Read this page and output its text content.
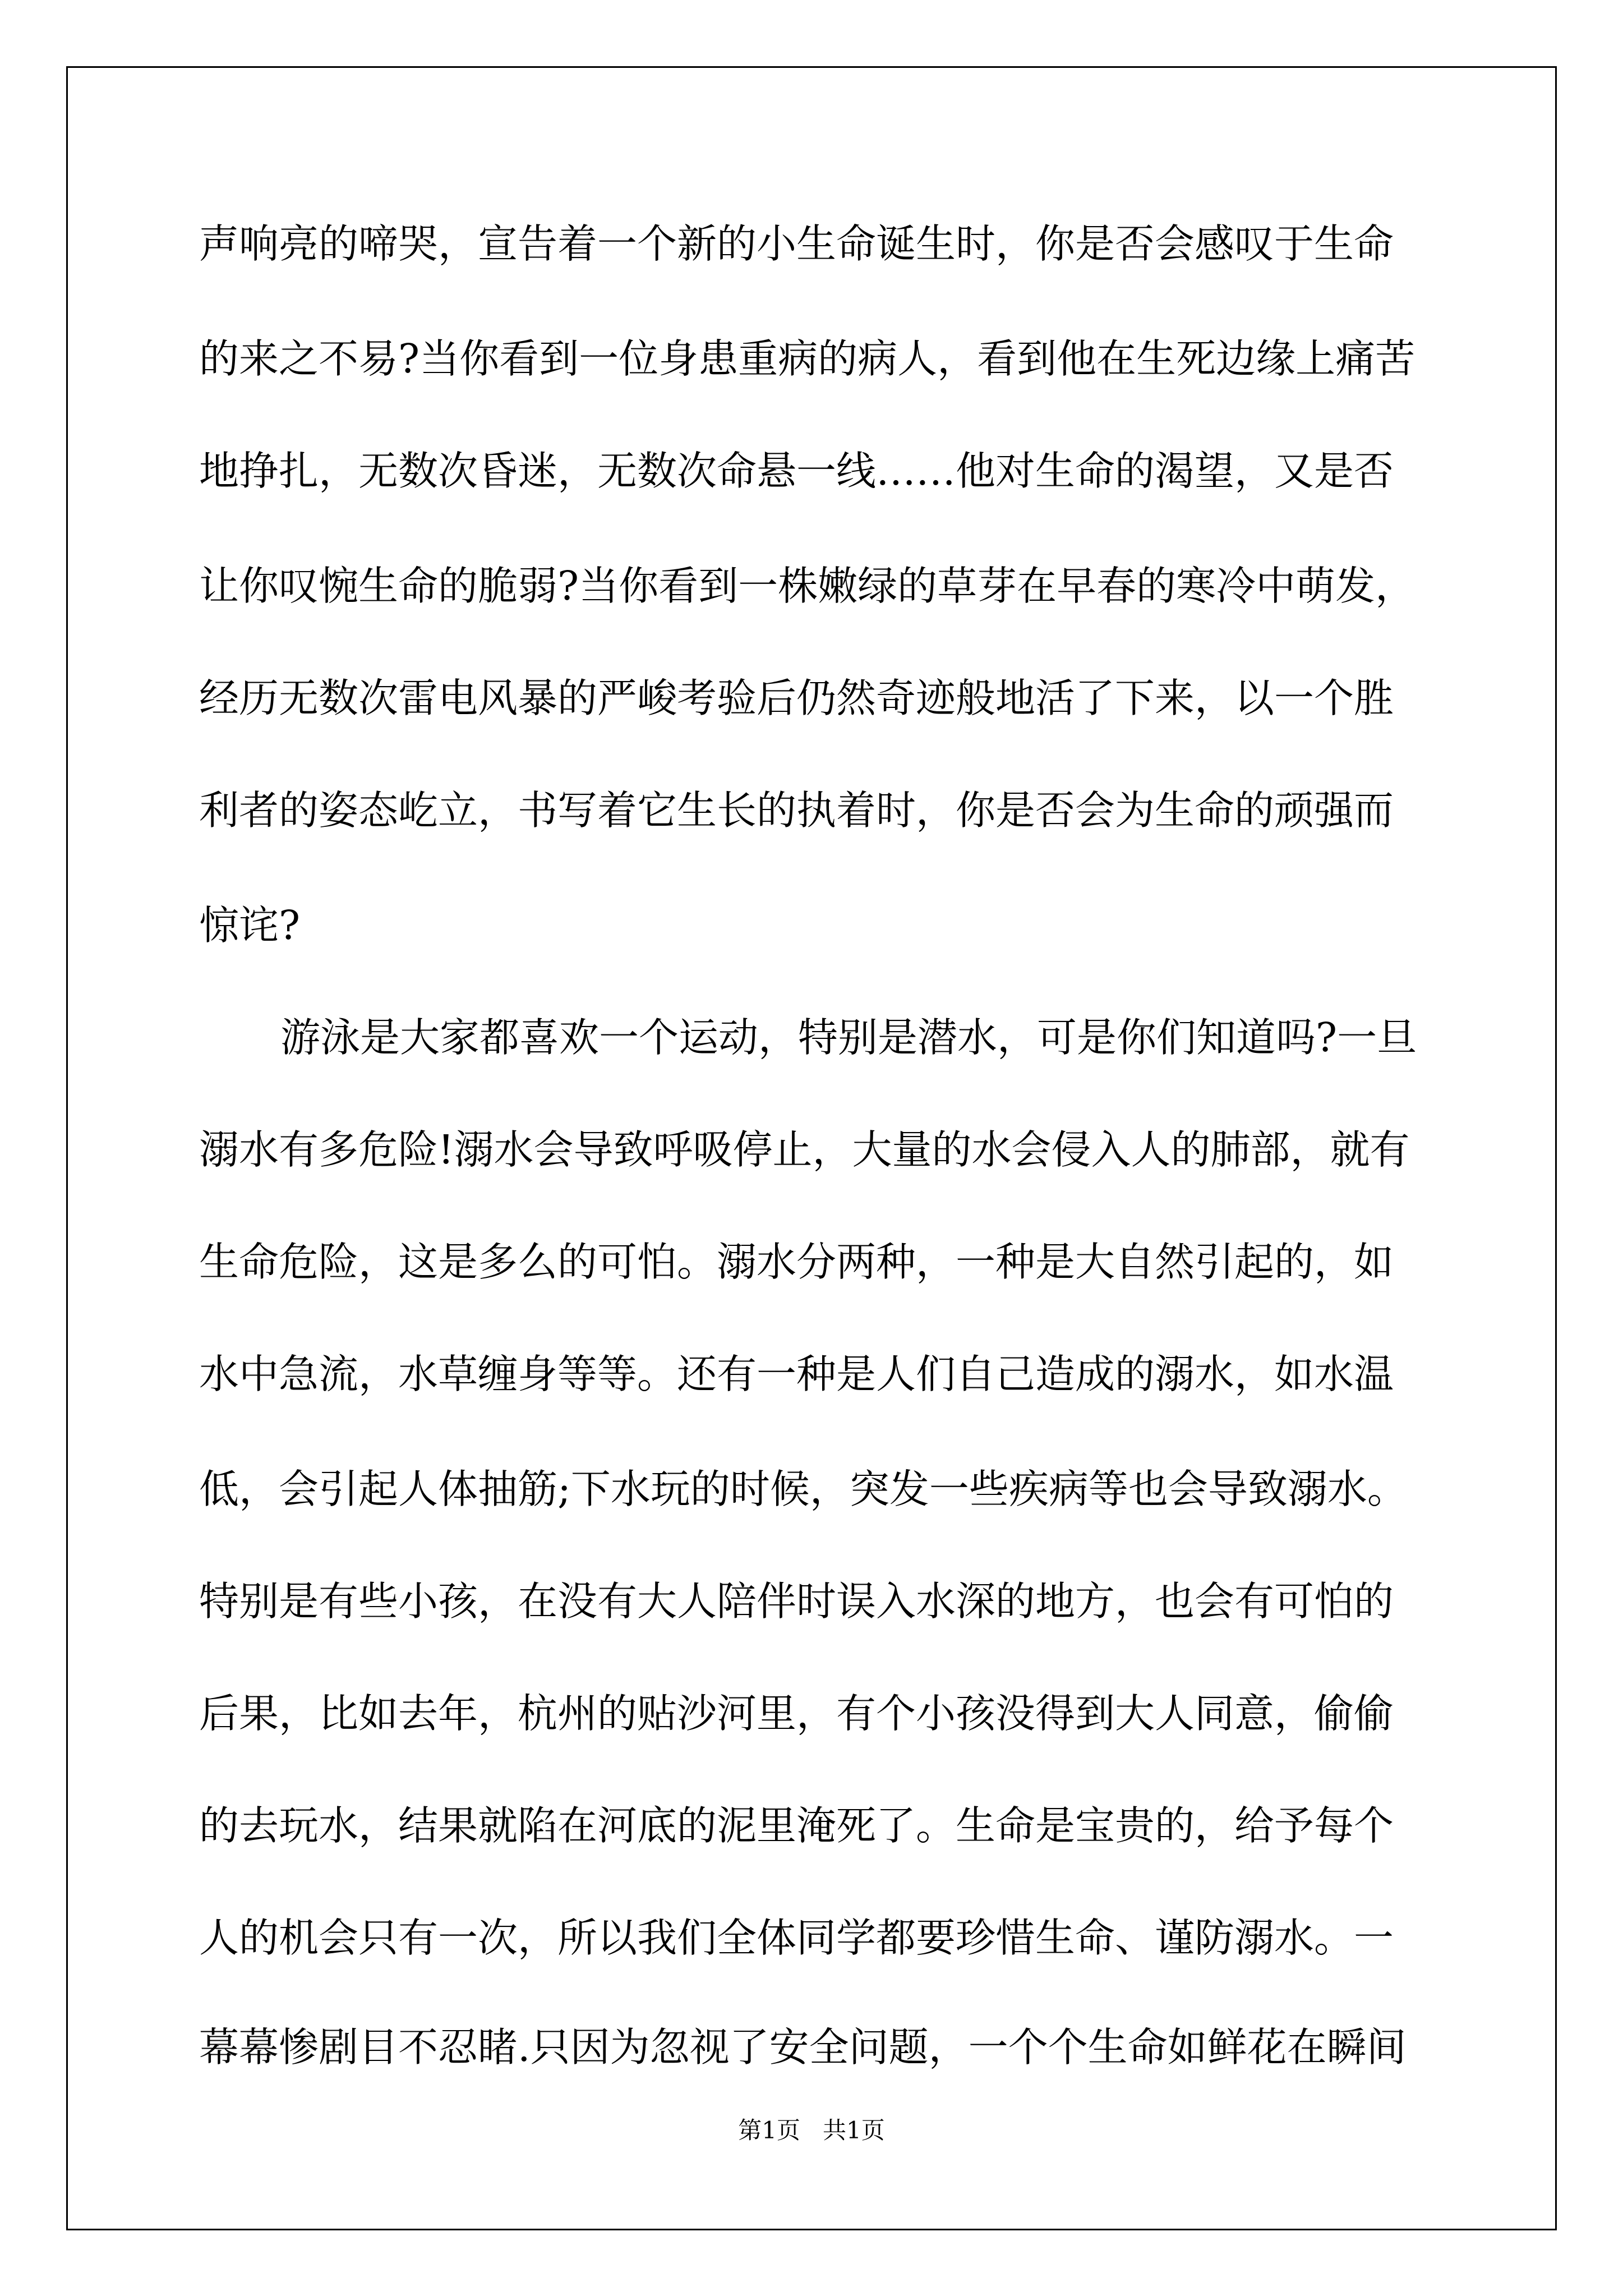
声响亮的啼哭，宣告着一个新的小生命诞生时，你是否会感叹于生命
的来之不易?当你看到一位身患重病的病人，看到他在生死边缘上痛苦
地挣扎，无数次昏迷，无数次命悬一线……他对生命的渴望，又是否
让你叹惋生命的脆弱?当你看到一株嫩绿的草芽在早春的寒冷中萌发，
经历无数次雷电风暴的严峻考验后仍然奇迹般地活了下来，以一个胜
利者的姿态屹立，书写着它生长的执着时，你是否会为生命的顽强而
惊诧?
游泳是大家都喜欢一个运动，特别是潜水，可是你们知道吗?一旦
溺水有多危险!溺水会导致呼吸停止，大量的水会侵入人的肺部，就有
生命危险，这是多么的可怕。溺水分两种，一种是大自然引起的，如
水中急流，水草缠身等等。还有一种是人们自己造成的溺水，如水温
低，会引起人体抽筋;下水玩的时候，突发一些疾病等也会导致溺水。
特别是有些小孩，在没有大人陪伴时误入水深的地方，也会有可怕的
后果，比如去年，杭州的贴沙河里，有个小孩没得到大人同意，偷偷
的去玩水，结果就陷在河底的泥里淹死了。生命是宝贵的，给予每个
人的机会只有一次，所以我们全体同学都要珍惜生命、谨防溺水。一
幕幕惨剧目不忍睹.只因为忽视了安全问题，一个个生命如鲜花在瞬间
第1页   共1页
